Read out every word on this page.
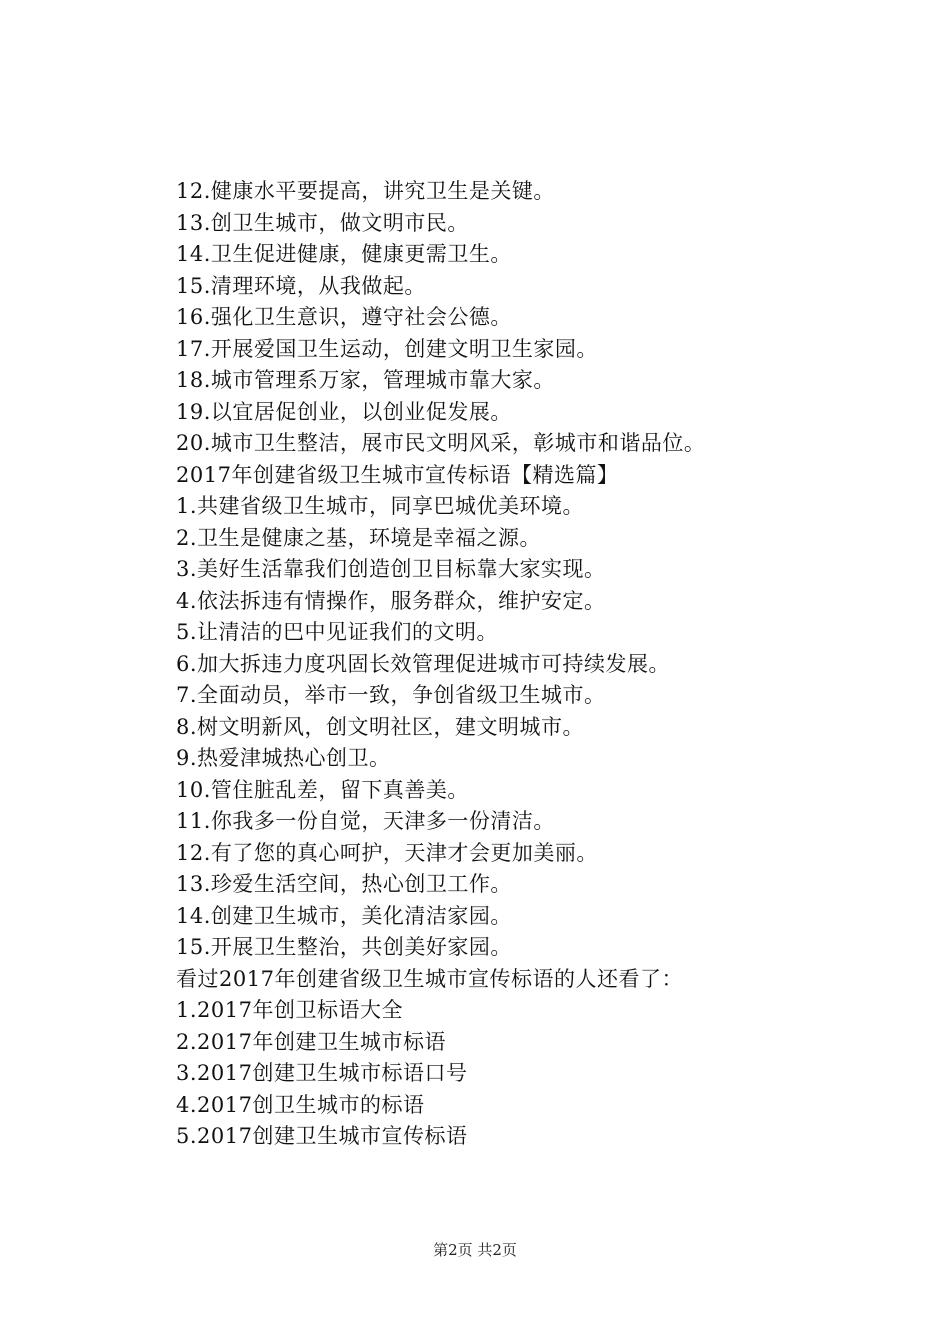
12.健康水平要提高，讲究卫生是关键。
13.创卫生城市，做文明市民。
14.卫生促进健康，健康更需卫生。
15.清理环境，从我做起。
16.强化卫生意识，遵守社会公德。
17.开展爱国卫生运动，创建文明卫生家园。
18.城市管理系万家，管理城市靠大家。
19.以宜居促创业，以创业促发展。
20.城市卫生整洁，展市民文明风采，彰城市和谐品位。
2017年创建省级卫生城市宣传标语【精选篇】
1.共建省级卫生城市，同享巴城优美环境。
2.卫生是健康之基，环境是幸福之源。
3.美好生活靠我们创造创卫目标靠大家实现。
4.依法拆违有情操作，服务群众，维护安定。
5.让清洁的巴中见证我们的文明。
6.加大拆违力度巩固长效管理促进城市可持续发展。
7.全面动员，举市一致，争创省级卫生城市。
8.树文明新风，创文明社区，建文明城市。
9.热爱津城热心创卫。
10.管住脏乱差，留下真善美。
11.你我多一份自觉，天津多一份清洁。
12.有了您的真心呵护，天津才会更加美丽。
13.珍爱生活空间，热心创卫工作。
14.创建卫生城市，美化清洁家园。
15.开展卫生整治，共创美好家园。
看过2017年创建省级卫生城市宣传标语的人还看了：
1.2017年创卫标语大全
2.2017年创建卫生城市标语
3.2017创建卫生城市标语口号
4.2017创卫生城市的标语
5.2017创建卫生城市宣传标语
第2页 共2页
